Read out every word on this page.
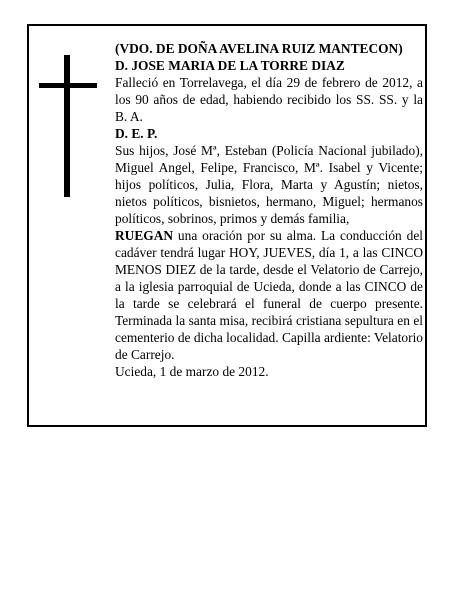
(VDO. DE DOÑA AVELINA RUIZ MANTECON)

D. JOSE MARIA DE LA TORRE DIAZ

Falleció en Torrelavega, el día 29 de febrero de 2012, a los 90 años de edad, habiendo recibido los SS. SS. y la B. A.

D. E. P.

Sus hijos, José Mª, Esteban (Policía Nacional jubilado), Miguel Angel, Felipe, Francisco, Mª. Isabel y Vicente; hijos políticos, Julia, Flora, Marta y Agustín; nietos, nietos políticos, bisnietos, hermano, Miguel; hermanos políticos, sobrinos, primos y demás familia,

RUEGAN una oración por su alma. La conducción del cadáver tendrá lugar HOY, JUEVES, día 1, a las CINCO MENOS DIEZ de la tarde, desde el Velatorio de Carrejo, a la iglesia parroquial de Ucieda, donde a las CINCO de la tarde se celebrará el funeral de cuerpo presente. Terminada la santa misa, recibirá cristiana sepultura en el cementerio de dicha localidad. Capilla ardiente: Velatorio de Carrejo.

Ucieda, 1 de marzo de 2012.
